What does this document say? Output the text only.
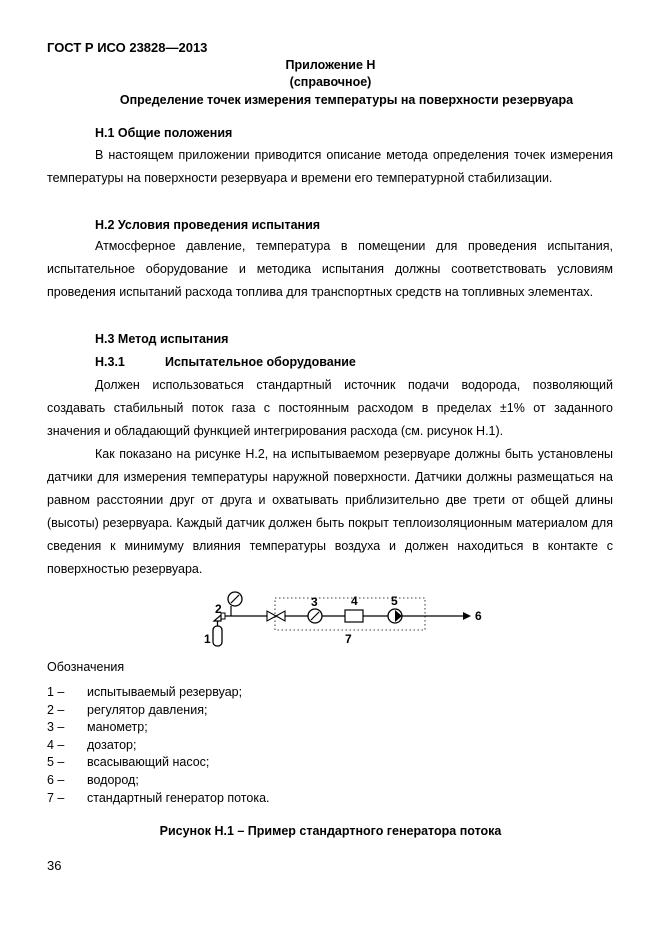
ГОСТ Р ИСО 23828—2013
Приложение Н
(справочное)
Определение точек измерения температуры на поверхности резервуара
Н.1 Общие положения
В настоящем приложении приводится описание метода определения точек измерения температуры на поверхности резервуара и времени его температурной стабилизации.
Н.2 Условия проведения испытания
Атмосферное давление, температура в помещении для проведения испытания, испытательное оборудование и методика испытания должны соответствовать условиям проведения испытаний расхода топлива для транспортных средств на топливных элементах.
Н.3 Метод испытания
Н.3.1	Испытательное оборудование
Должен использоваться стандартный источник подачи водорода, позволяющий создавать стабильный поток газа с постоянным расходом в пределах ±1% от заданного значения и обладающий функцией интегрирования расхода (см. рисунок Н.1).
Как показано на рисунке Н.2, на испытываемом резервуаре должны быть установлены датчики для измерения температуры наружной поверхности. Датчики должны размещаться на равном расстоянии друг от друга и охватывать приблизительно две трети от общей длины (высоты) резервуара. Каждый датчик должен быть покрыт теплоизоляционным материалом для сведения к минимуму влияния температуры воздуха и должен находиться в контакте с поверхностью резервуара.
1
2	3	4	5
6
7
Обозначения
1 –	испытываемый резервуар;
2 –	регулятор давления;
3 –	манометр;
4 –	дозатор;
5 –	всасывающий насос;
6 –	водород;
7 –	стандартный генератор потока.
Рисунок Н.1 – Пример стандартного генератора потока
36
